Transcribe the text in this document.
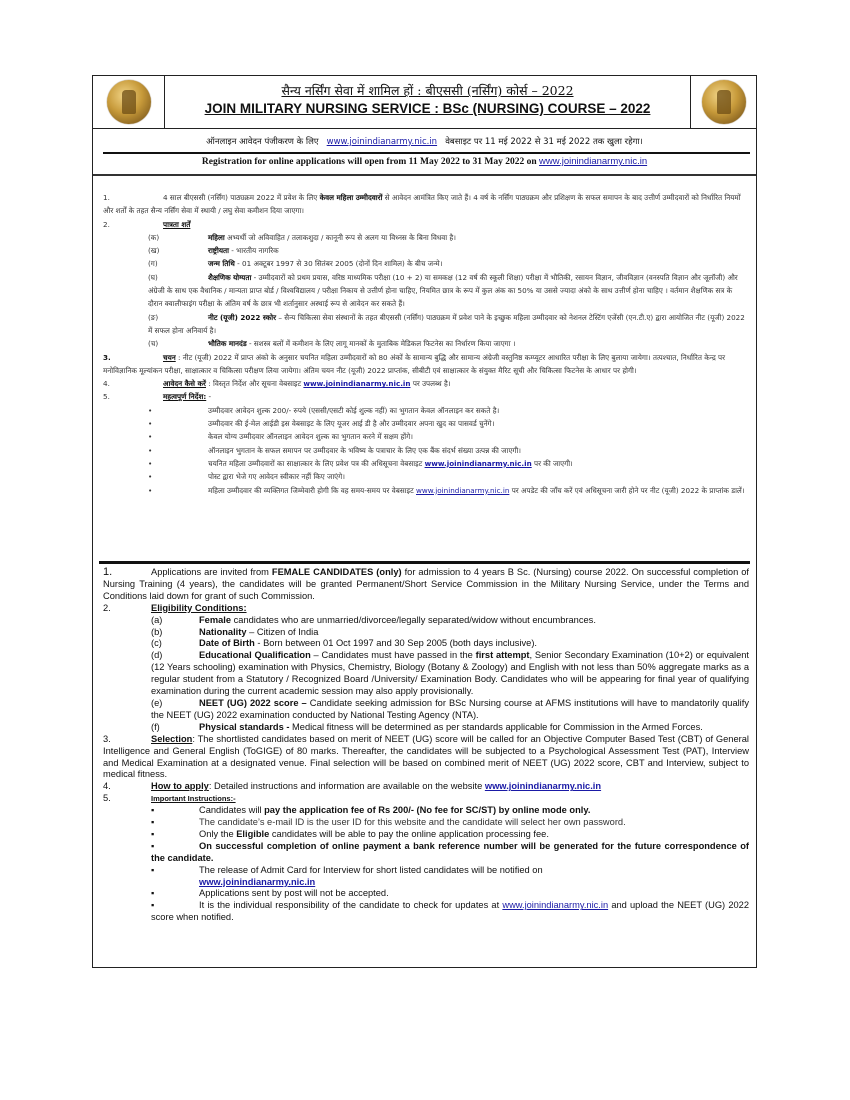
सैन्य नर्सिंग सेवा में शामिल हों : बीएससी (नर्सिंग) कोर्स – 2022
JOIN MILITARY NURSING SERVICE : BSc (NURSING) COURSE – 2022
ऑनलाइन आवेदन पंजीकरण के लिए www.joinindianarmy.nic.in वेबसाइट पर 11 मई 2022 से 31 मई 2022 तक खुला रहेगा।
Registration for online applications will open from 11 May 2022 to 31 May 2022 on www.joinindianarmy.nic.in
1.	4 साल बीएससी (नर्सिंग) पाठ्यक्रम 2022 में प्रवेश के लिए केवल महिला उम्मीदवारों से आवेदन आमंत्रित किए जाते हैं। 4 वर्ष के नर्सिंग पाठ्यक्रम और प्रशिक्षण के सफल समापन के बाद उत्तीर्ण उम्मीदवारों को निर्धारित नियमों और शर्तों के तहत सैन्य नर्सिंग सेवा में स्थायी / लघु सेवा कमीशन दिया जाएगा।
2.	पात्रता शर्तें
(क)	महिला अभ्यर्थी जो अविवाहित / तलाकशुदा / कानूनी रूप से अलग या विध्नस के बिना विधवा है।
(ख)	राष्ट्रीयता - भारतीय नागरिक
(ग)	जन्म तिथि - 01 अक्टूबर 1997 से 30 सितंबर 2005 (दोनों दिन शामिल) के बीच जन्मे।
(घ)	शैक्षणिक योग्यता - उम्मीदवारों को प्रथम प्रयास, वरिष्ठ माध्यमिक परीक्षा (10 + 2) या समकक्ष (12 वर्ष की स्कूली शिक्षा) परीक्षा में भौतिकी, रसायन विज्ञान, जीवविज्ञान (वनस्पति विज्ञान और जूलॉजी) और अंग्रेजी के साथ एक वैधानिक / मान्यता प्राप्त बोर्ड / विश्वविद्यालय / परीक्षा निकाय से उत्तीर्ण होना चाहिए, नियमित छात्र के रूप में कुल अंक का 50% या उससे ज्यादा अंको के साथ उत्तीर्ण होना चाहिए । वर्तमान शैक्षणिक सत्र के दौरान क्वालीफाइंग परीक्षा के अंतिम वर्ष के छात्र भी शर्तानुसार अस्थाई रूप से आवेदन कर सकते हैं।
(ङ)	नीट (यूजी) 2022 स्कोर – सैन्य चिकित्सा सेवा संस्थानों के तहत बीएससी (नर्सिंग) पाठ्यक्रम में प्रवेश पाने के इच्छुक महिला उम्मीदवार को नेशनल टेस्टिंग एजेंसी (एन.टी.ए) द्वारा आयोजित नीट (यूजी) 2022 में सफल होना अनिवार्य है।
(च)	भौतिक मानदंड - सशस्त्र बलों में कमीशन के लिए लागू मानकों के मुताबिक मेडिकल फिटनेस का निर्धारण किया जाएगा ।
3.	चयन : नीट (यूजी) 2022 में प्राप्त अंको के अनुसार चयनित महिला उम्मीदवारों को 80 अंकों के सामान्य बुद्धि और सामान्य अंग्रेजी वस्तुनिष्ठ कम्प्यूटर आधारित परीक्षा के लिए बुलाया जायेगा। तत्पश्चात, निर्धारित केन्द्र पर मनोविज्ञानिक मूल्यांकन परीक्षा, साक्षात्कार व चिकित्सा परीक्षण लिया जायेगा। अंतिम चयन नीट (यूजी) 2022 प्राप्तांक, सीबीटी एवं साक्षात्कार के संयुक्त मैरिट सूची और चिकित्सा फिटनेस के आधार पर होगी।
4.	आवेदन कैसे करें : विस्तृत निर्देश और सूचना वेबसाइट www.joinindianarmy.nic.in पर उपलब्ध है।
5.	महत्वपूर्ण निर्देश: -
•	उम्मीदवार आवेदन शुल्क 200/- रुपये (एससी/एसटी कोई शुल्क नहीं) का भुगतान केवल ऑनलाइन कर सकते है।
•	उम्मीदवार की ई-मेल आईडी इस वेबसाइट के लिए यूजर आई डी है और उम्मीदवार अपना खुद का पासवर्ड चुनेंगे।
•	केवल योग्य उम्मीदवार ऑनलाइन आवेदन शुल्क का भुगतान करने में सक्षम होंगे।
•	ऑनलाइन भुगतान के सफल समापन पर उम्मीदवार के भविष्य के पत्राचार के लिए एक बैंक संदर्भ संख्या उत्पन्न की जाएगी।
•	चयनित महिला उम्मीदवारों का साक्षात्कार के लिए प्रवेश पत्र की अधिसूचना वेबसाइट www.joinindianarmy.nic.in पर की जाएगी।
•	पोस्ट द्वारा भेजे गए आवेदन स्वीकार नहीं किए जाएंगे।
•	महिला उम्मीदवार की व्यक्तिगत जिम्मेवारी होगी कि वह समय-समय पर वेबसाइट www.joinindianarmy.nic.in पर अपडेट की जाँच करें एवं अधिसूचना जारी होने पर नीट (यूजी) 2022 के प्राप्तांक डालें।
1.	Applications are invited from FEMALE CANDIDATES (only) for admission to 4 years B Sc. (Nursing) course 2022. On successful completion of Nursing Training (4 years), the candidates will be granted Permanent/Short Service Commission in the Military Nursing Service, under the Terms and Conditions laid down for grant of such Commission.
2.	Eligibility Conditions:
(a)	Female candidates who are unmarried/divorcee/legally separated/widow without encumbrances.
(b)	Nationality – Citizen of India
(c)	Date of Birth - Born between 01 Oct 1997 and 30 Sep 2005 (both days inclusive).
(d)	Educational Qualification – Candidates must have passed in the first attempt, Senior Secondary Examination (10+2) or equivalent (12 Years schooling) examination with Physics, Chemistry, Biology (Botany & Zoology) and English with not less than 50% aggregate marks as a regular student from a Statutory / Recognized Board /University/ Examination Body. Candidates who will be appearing for final year of qualifying examination during the current academic session may also apply provisionally.
(e)	NEET (UG) 2022 score – Candidate seeking admission for BSc Nursing course at AFMS institutions will have to mandatorily qualify the NEET (UG) 2022 examination conducted by National Testing Agency (NTA).
(f)	Physical standards - Medical fitness will be determined as per standards applicable for Commission in the Armed Forces.
3.	Selection: The shortlisted candidates based on merit of NEET (UG) score will be called for an Objective Computer Based Test (CBT) of General Intelligence and General English (ToGIGE) of 80 marks. Thereafter, the candidates will be subjected to a Psychological Assessment Test (PAT), Interview and Medical Examination at a designated venue. Final selection will be based on combined merit of NEET (UG) 2022 score, CBT and Interview, subject to medical fitness.
4.	How to apply: Detailed instructions and information are available on the website www.joinindianarmy.nic.in
5.	Important Instructions:-
▪	Candidates will pay the application fee of Rs 200/- (No fee for SC/ST) by online mode only.
▪	The candidate’s e-mail ID is the user ID for this website and the candidate will select her own password.
▪	Only the Eligible candidates will be able to pay the online application processing fee.
▪	On successful completion of online payment a bank reference number will be generated for the future correspondence of the candidate.
▪	The release of Admit Card for Interview for short listed candidates will be notified on
www.joinindianarmy.nic.in
▪	Applications sent by post will not be accepted.
▪	It is the individual responsibility of the candidate to check for updates at www.joinindianarmy.nic.in and upload the NEET (UG) 2022 score when notified.
